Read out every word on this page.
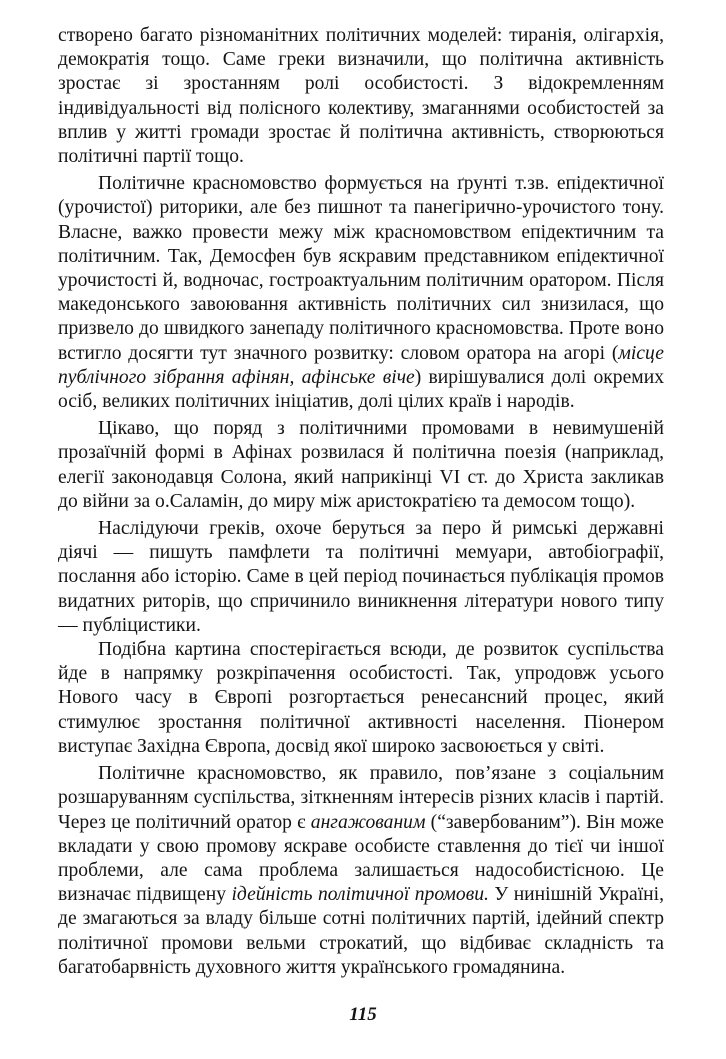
створено багато різноманітних політичних моделей: тиранія, олігархія, демократія тощо. Саме греки визначили, що політична активність зростає зі зростанням ролі особистості. З відокремленням індивідуальності від полісного колективу, змаганнями особистостей за вплив у житті громади зростає й політична активність, створюються політичні партії тощо.

Політичне красномовство формується на ґрунті т.зв. епідектичної (урочистої) риторики, але без пишнот та панегірично-урочистого тону. Власне, важко провести межу між красномовством епідектичним та політичним. Так, Демосфен був яскравим представником епідектичної урочистості й, водночас, гостроактуальним політичним оратором. Після македонського завоювання активність політичних сил знизилася, що призвело до швидкого занепаду політичного красномовства. Проте воно встигло досягти тут значного розвитку: словом оратора на агорі (місце публічного зібрання афінян, афінське віче) вирішувалися долі окремих осіб, великих політичних ініціатив, долі цілих країв і народів.

Цікаво, що поряд з політичними промовами в невимушеній прозаїчній формі в Афінах розвилася й політична поезія (наприклад, елегії законодавця Солона, який наприкінці VI ст. до Христа закликав до війни за о.Саламін, до миру між аристократією та демосом тощо).

Наслідуючи греків, охоче беруться за перо й римські державні діячі — пишуть памфлети та політичні мемуари, автобіографії, послання або історію. Саме в цей період починається публікація промов видатних риторів, що спричинило виникнення літератури нового типу — публіцистики.

Подібна картина спостерігається всюди, де розвиток суспільства йде в напрямку розкріпачення особистості. Так, упродовж усього Нового часу в Європі розгортається ренесансний процес, який стимулює зростання політичної активності населення. Піонером виступає Західна Європа, досвід якої широко засвоюється у світі.

Політичне красномовство, як правило, пов’язане з соціальним розшаруванням суспільства, зіткненням інтересів різних класів і партій. Через це політичний оратор є ангажованим (“завербованим”). Він може вкладати у свою промову яскраве особисте ставлення до тієї чи іншої проблеми, але сама проблема залишається надособистісною. Це визначає підвищену ідейність політичної промови. У нинішній Україні, де змагаються за владу більше сотні політичних партій, ідейний спектр політичної промови вельми строкатий, що відбиває складність та багатобарвність духовного життя українського громадянина.

115
